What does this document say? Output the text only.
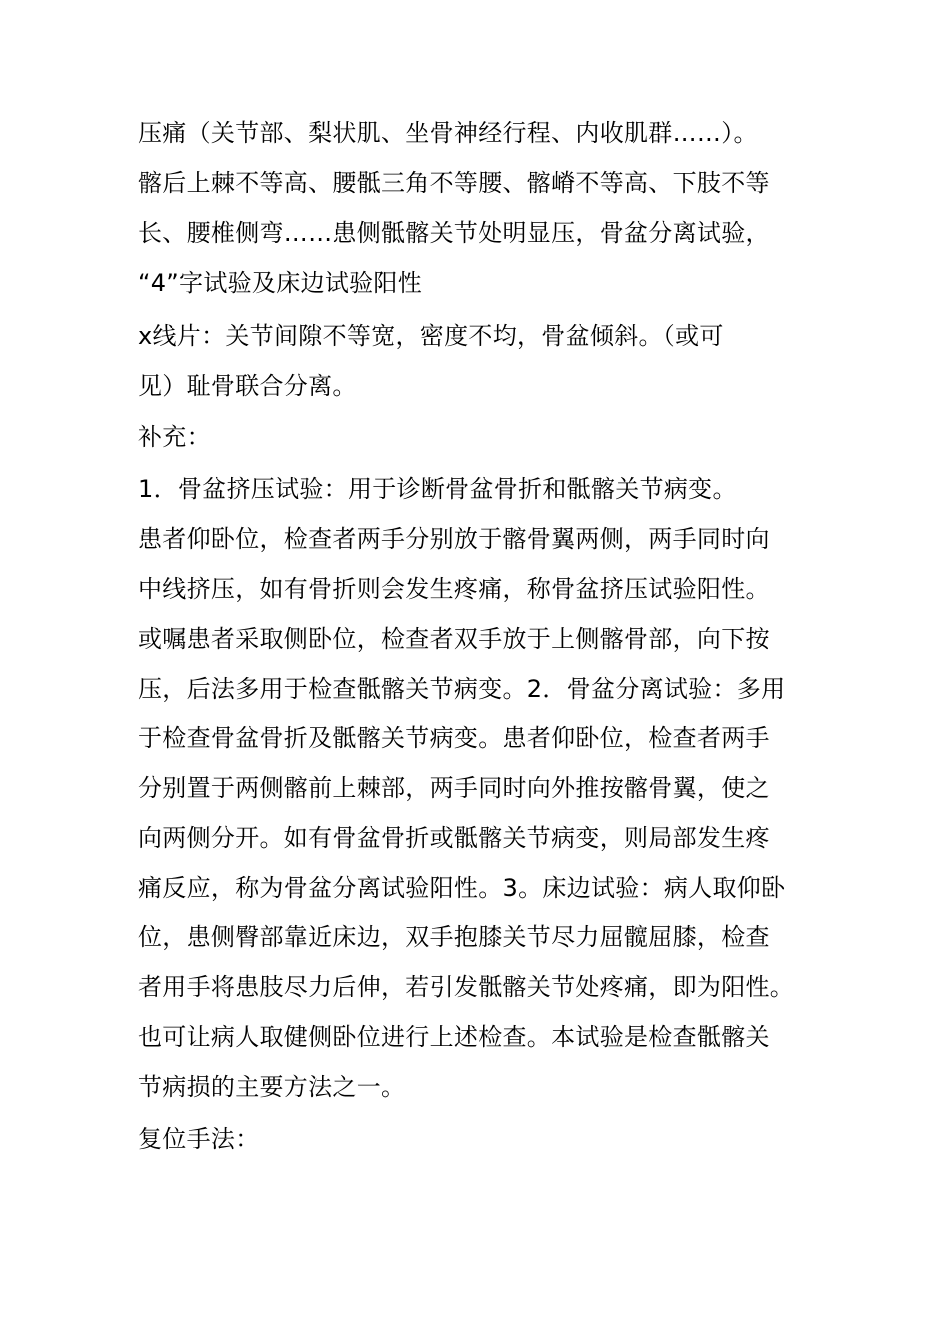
压痛（关节部、梨状肌、坐骨神经行程、内收肌群……）。
髂后上棘不等高、腰骶三角不等腰、髂嵴不等高、下肢不等
长、腰椎侧弯……患侧骶髂关节处明显压，骨盆分离试验，
“4”字试验及床边试验阳性
x线片：关节间隙不等宽，密度不均，骨盆倾斜。（或可
见）耻骨联合分离。
补充：
1．骨盆挤压试验：用于诊断骨盆骨折和骶髂关节病变。
患者仰卧位，检查者两手分别放于髂骨翼两侧，两手同时向
中线挤压，如有骨折则会发生疼痛，称骨盆挤压试验阳性。
或嘱患者采取侧卧位，检查者双手放于上侧髂骨部，向下按
压，后法多用于检查骶髂关节病变。2．骨盆分离试验：多用
于检查骨盆骨折及骶髂关节病变。患者仰卧位，检查者两手
分别置于两侧髂前上棘部，两手同时向外推按髂骨翼，使之
向两侧分开。如有骨盆骨折或骶髂关节病变，则局部发生疼
痛反应，称为骨盆分离试验阳性。3。床边试验：病人取仰卧
位，患侧臀部靠近床边，双手抱膝关节尽力屈髋屈膝，检查
者用手将患肢尽力后伸，若引发骶髂关节处疼痛，即为阳性。
也可让病人取健侧卧位进行上述检查。本试验是检查骶髂关
节病损的主要方法之一。
复位手法：
